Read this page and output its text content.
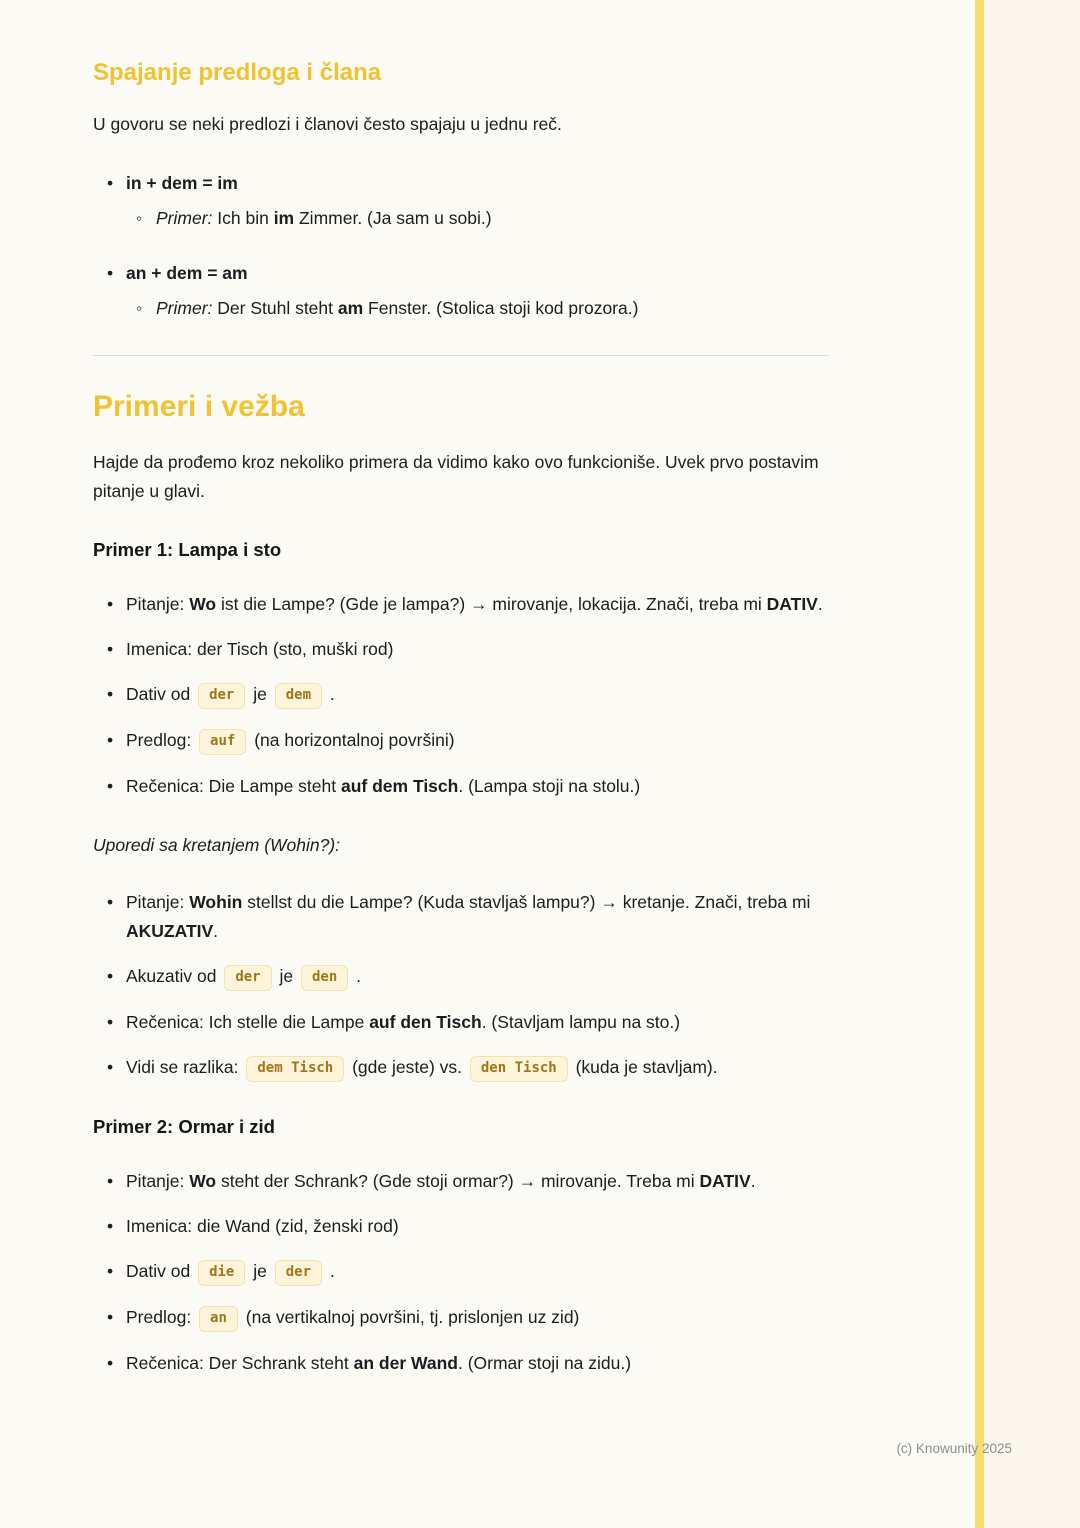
Spajanje predloga i člana

U govoru se neki predlozi i članovi često spajaju u jednu reč.

• in + dem = im
◦ Primer: Ich bin im Zimmer. (Ja sam u sobi.)
• an + dem = am
◦ Primer: Der Stuhl steht am Fenster. (Stolica stoji kod prozora.)
Primeri i vežba

Hajde da prođemo kroz nekoliko primera da vidimo kako ovo funkcioniše. Uvek prvo postavim pitanje u glavi.

Primer 1: Lampa i sto
• Pitanje: Wo ist die Lampe? (Gde je lampa?) → mirovanje, lokacija. Znači, treba mi DATIV.
• Imenica: der Tisch (sto, muški rod)
• Dativ od der je dem .
• Predlog: auf (na horizontalnoj površini)
• Rečenica: Die Lampe steht auf dem Tisch. (Lampa stoji na stolu.)

Uporedi sa kretanjem (Wohin?):

• Pitanje: Wohin stellst du die Lampe? (Kuda stavljaš lampu?) → kretanje. Znači, treba mi AKUZATIV.
• Akuzativ od der je den .
• Rečenica: Ich stelle die Lampe auf den Tisch. (Stavljam lampu na sto.)
• Vidi se razlika: dem Tisch (gde jeste) vs. den Tisch (kuda je stavljam).
Primer 2: Ormar i zid
• Pitanje: Wo steht der Schrank? (Gde stoji ormar?) → mirovanje. Treba mi DATIV.
• Imenica: die Wand (zid, ženski rod)
• Dativ od die je der .
• Predlog: an (na vertikalnoj površini, tj. prislonjen uz zid)
• Rečenica: Der Schrank steht an der Wand. (Ormar stoji na zidu.)
(c) Knowunity 2025
